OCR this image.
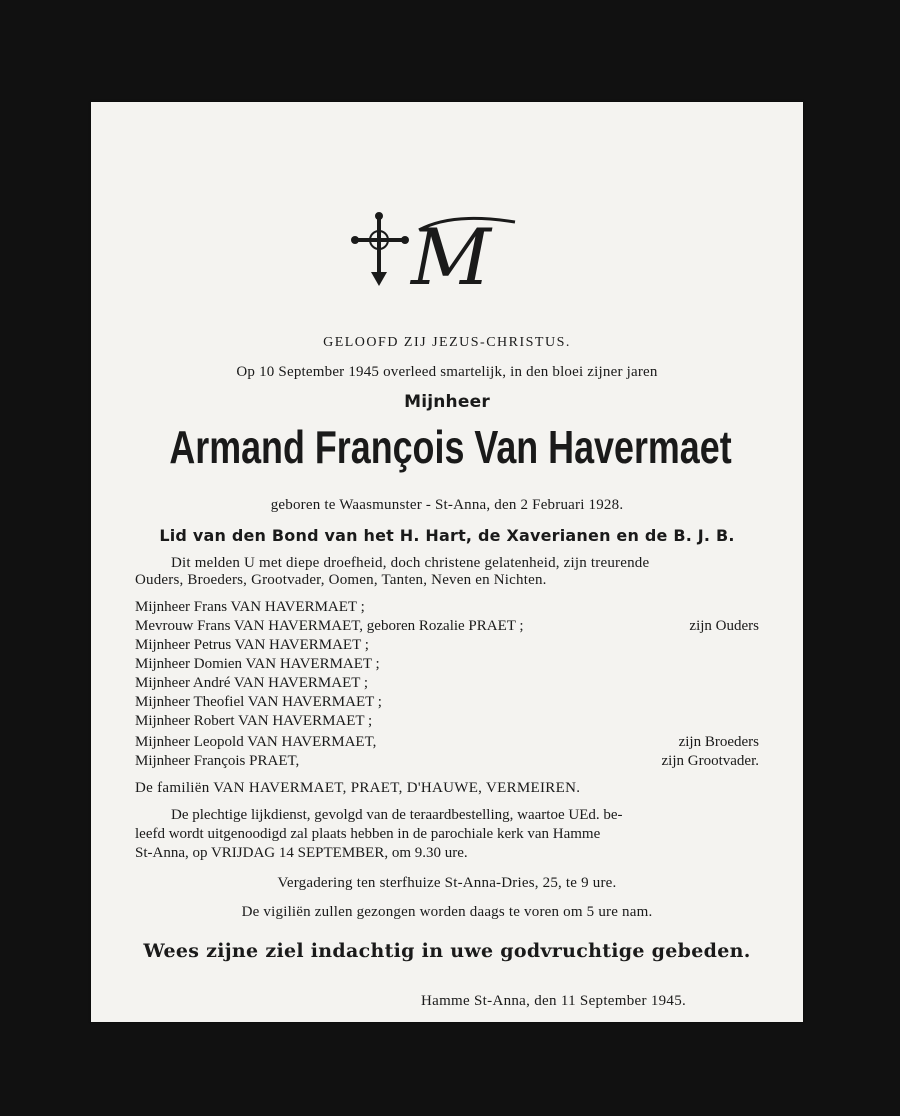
M
GELOOFD ZIJ JEZUS-CHRISTUS.
Op 10 September 1945 overleed smartelijk, in den bloei zijner jaren
Mijnheer
Armand François Van Havermaet
geboren te Waasmunster - St-Anna, den 2 Februari 1928.
Lid van den Bond van het H. Hart, de Xaverianen en de B. J. B.
Dit melden U met diepe droefheid, doch christene gelatenheid, zijn treurende
Ouders, Broeders, Grootvader, Oomen, Tanten, Neven en Nichten.
Mijnheer Frans VAN HAVERMAET ;
Mevrouw Frans VAN HAVERMAET, geboren Rozalie PRAET ;	zijn Ouders
Mijnheer Petrus VAN HAVERMAET ;
Mijnheer Domien VAN HAVERMAET ;
Mijnheer André VAN HAVERMAET ;
Mijnheer Theofiel VAN HAVERMAET ;
Mijnheer Robert VAN HAVERMAET ;
Mijnheer Leopold VAN HAVERMAET,	zijn Broeders
Mijnheer François PRAET,	zijn Grootvader.
De familiën VAN HAVERMAET, PRAET, D'HAUWE, VERMEIREN.
De plechtige lijkdienst, gevolgd van de teraardbestelling, waartoe UEd. be-
leefd wordt uitgenoodigd zal plaats hebben in de parochiale kerk van Hamme
St-Anna, op VRIJDAG 14 SEPTEMBER, om 9.30 ure.
Vergadering ten sterfhuize St-Anna-Dries, 25, te 9 ure.
De vigiliën zullen gezongen worden daags te voren om 5 ure nam.
Wees zijne ziel indachtig in uwe godvruchtige gebeden.
Hamme St-Anna, den 11 September 1945.
